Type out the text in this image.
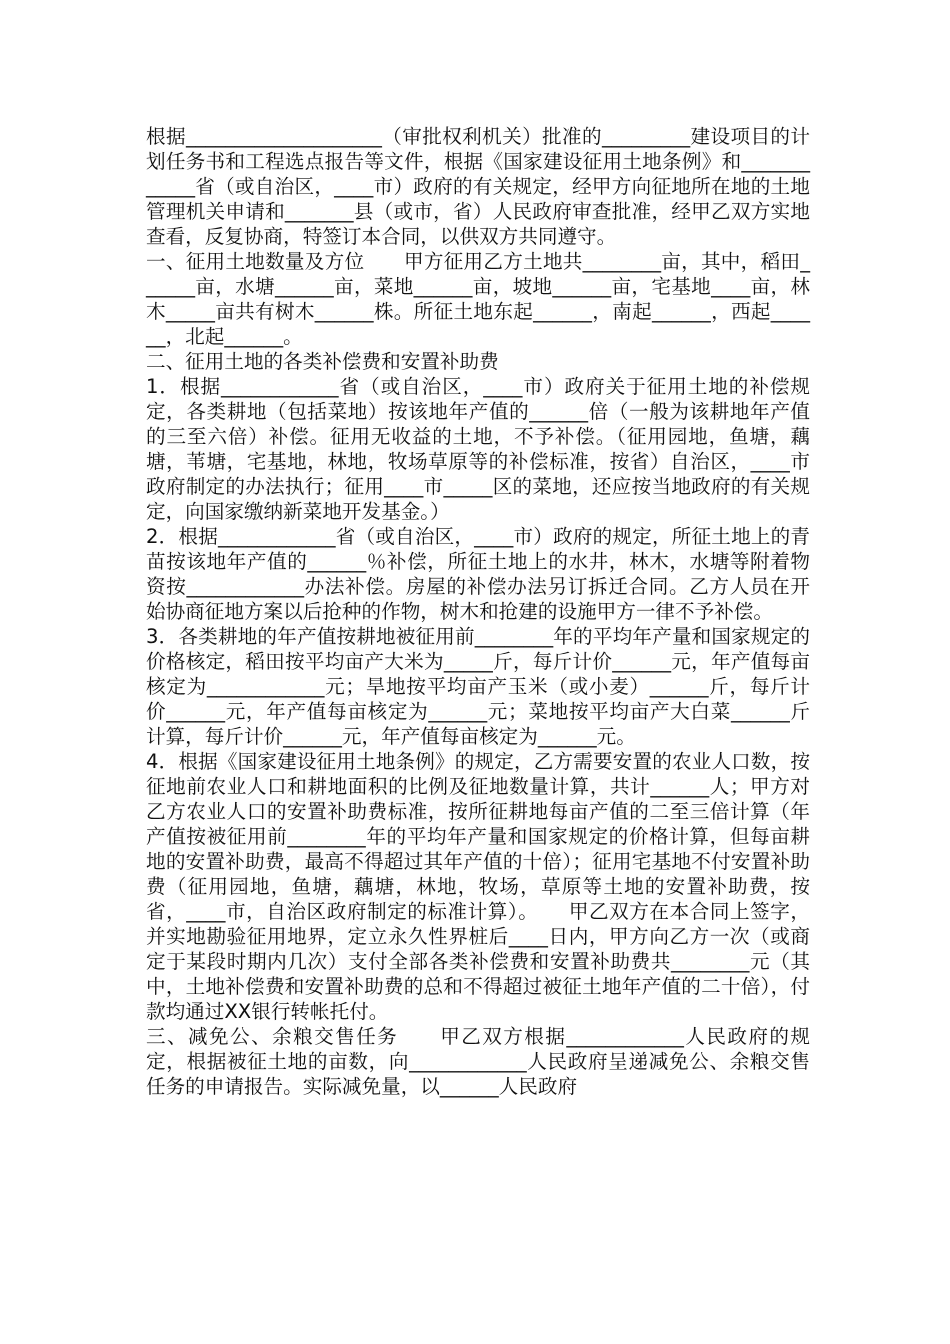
根据____________________（审批权利机关）批准的_________建设项目的计划任务书和工程选点报告等文件，根据《国家建设征用土地条例》和____________省（或自治区，____市）政府的有关规定，经甲方向征地所在地的土地管理机关申请和_______县（或市，省）人民政府审查批准，经甲乙双方实地查看，反复协商，特签订本合同，以供双方共同遵守。

一、征用土地数量及方位　　甲方征用乙方土地共________亩，其中，稻田______亩，水塘______亩，菜地______亩，坡地______亩，宅基地____亩，林木_____亩共有树木______株。所征土地东起______，南起______，西起______，北起______。

二、征用土地的各类补偿费和安置补助费

1．根据____________省（或自治区，____市）政府关于征用土地的补偿规定，各类耕地（包括菜地）按该地年产值的______倍（一般为该耕地年产值的三至六倍）补偿。征用无收益的土地，不予补偿。（征用园地，鱼塘，藕塘，苇塘，宅基地，林地，牧场草原等的补偿标准，按省）自治区，____市政府制定的办法执行；征用____市_____区的菜地，还应按当地政府的有关规定，向国家缴纳新菜地开发基金。）

2．根据____________省（或自治区，____市）政府的规定，所征土地上的青苗按该地年产值的______％补偿，所征土地上的水井，林木，水塘等附着物资按____________办法补偿。房屋的补偿办法另订拆迁合同。乙方人员在开始协商征地方案以后抢种的作物，树木和抢建的设施甲方一律不予补偿。

3．各类耕地的年产值按耕地被征用前________年的平均年产量和国家规定的价格核定，稻田按平均亩产大米为_____斤，每斤计价______元，年产值每亩核定为____________元；旱地按平均亩产玉米（或小麦）______斤，每斤计价______元，年产值每亩核定为______元；菜地按平均亩产大白菜______斤计算，每斤计价______元，年产值每亩核定为______元。

4．根据《国家建设征用土地条例》的规定，乙方需要安置的农业人口数，按征地前农业人口和耕地面积的比例及征地数量计算，共计______人；甲方对乙方农业人口的安置补助费标准，按所征耕地每亩产值的二至三倍计算（年产值按被征用前________年的平均年产量和国家规定的价格计算，但每亩耕地的安置补助费，最高不得超过其年产值的十倍）；征用宅基地不付安置补助费（征用园地，鱼塘，藕塘，林地，牧场，草原等土地的安置补助费，按省，____市，自治区政府制定的标准计算）。　　甲乙双方在本合同上签字，并实地勘验征用地界，定立永久性界桩后____日内，甲方向乙方一次（或商定于某段时期内几次）支付全部各类补偿费和安置补助费共________元（其中，土地补偿费和安置补助费的总和不得超过被征土地年产值的二十倍），付款均通过XX银行转帐托付。

三、减免公、余粮交售任务　　甲乙双方根据____________人民政府的规定，根据被征土地的亩数，向____________人民政府呈递减免公、余粮交售任务的申请报告。实际减免量，以______人民政府
